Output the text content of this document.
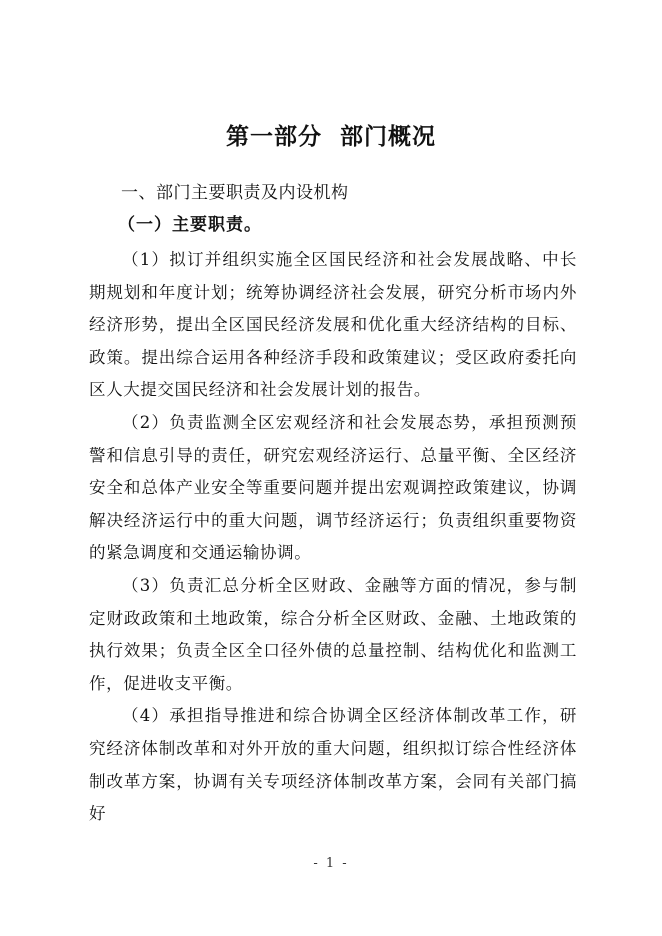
第一部分  部门概况
一、部门主要职责及内设机构
（一）主要职责。

（1）拟订并组织实施全区国民经济和社会发展战略、中长期规划和年度计划；统筹协调经济社会发展，研究分析市场内外经济形势，提出全区国民经济发展和优化重大经济结构的目标、政策。提出综合运用各种经济手段和政策建议；受区政府委托向区人大提交国民经济和社会发展计划的报告。

（2）负责监测全区宏观经济和社会发展态势，承担预测预警和信息引导的责任，研究宏观经济运行、总量平衡、全区经济安全和总体产业安全等重要问题并提出宏观调控政策建议，协调解决经济运行中的重大问题，调节经济运行；负责组织重要物资的紧急调度和交通运输协调。

（3）负责汇总分析全区财政、金融等方面的情况，参与制定财政政策和土地政策，综合分析全区财政、金融、土地政策的执行效果；负责全区全口径外债的总量控制、结构优化和监测工作，促进收支平衡。

（4）承担指导推进和综合协调全区经济体制改革工作，研究经济体制改革和对外开放的重大问题，组织拟订综合性经济体制改革方案，协调有关专项经济体制改革方案，会同有关部门搞好

- 1 -
